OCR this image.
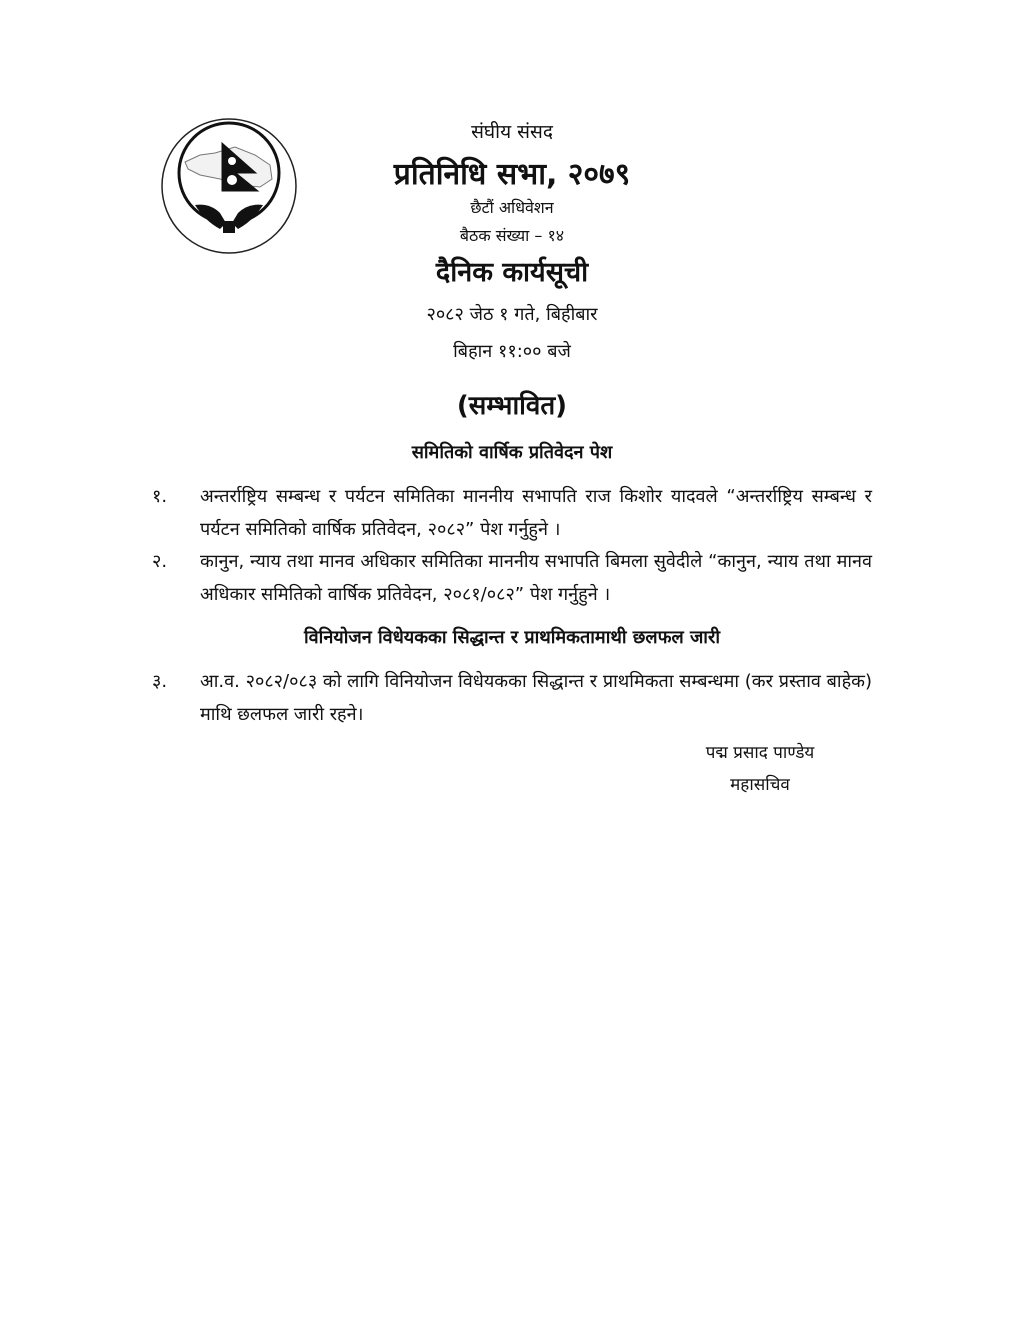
संघीय संसद
प्रतिनिधि सभा, २०७९
छैटौं अधिवेशन
बैठक संख्या – १४
दैनिक कार्यसूची
२०८२ जेठ १ गते, बिहीबार
बिहान ११:०० बजे
(सम्भावित)
समितिको वार्षिक प्रतिवेदन पेश
१.	अन्तर्राष्ट्रिय सम्बन्ध र पर्यटन समितिका माननीय सभापति राज किशोर यादवले “अन्तर्राष्ट्रिय सम्बन्ध र पर्यटन समितिको वार्षिक प्रतिवेदन, २०८२” पेश गर्नुहुने ।
२.	कानुन, न्याय तथा मानव अधिकार समितिका माननीय सभापति बिमला सुवेदीले “कानुन, न्याय तथा मानव अधिकार समितिको वार्षिक प्रतिवेदन, २०८१/०८२” पेश गर्नुहुने ।
विनियोजन विधेयकका सिद्धान्त र प्राथमिकतामाथी छलफल जारी
३.	आ.व. २०८२/०८३ को लागि विनियोजन विधेयकका सिद्धान्त र प्राथमिकता सम्बन्धमा (कर प्रस्ताव बाहेक) माथि छलफल जारी रहने।
पद्म प्रसाद पाण्डेय
महासचिव
